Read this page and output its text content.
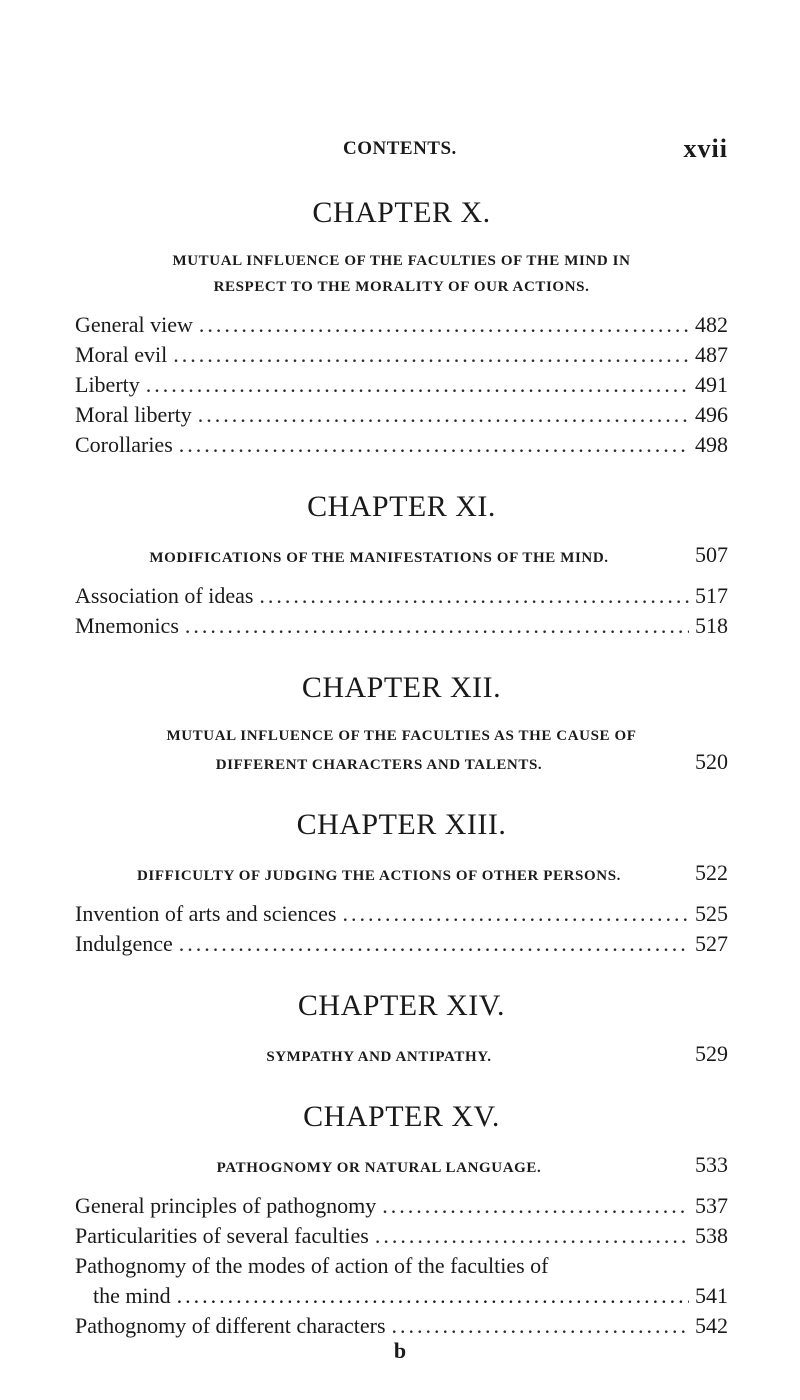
CONTENTS.	xvii
CHAPTER X.
MUTUAL INFLUENCE OF THE FACULTIES OF THE MIND IN
RESPECT TO THE MORALITY OF OUR ACTIONS.
General view .....	482
Moral evil .....	487
Liberty .....	491
Moral liberty .....	496
Corollaries .....	498
CHAPTER XI.
MODIFICATIONS OF THE MANIFESTATIONS OF THE MIND.	507
Association of ideas .....	517
Mnemonics .....	518
CHAPTER XII.
MUTUAL INFLUENCE OF THE FACULTIES AS THE CAUSE OF
DIFFERENT CHARACTERS AND TALENTS.	520
CHAPTER XIII.
DIFFICULTY OF JUDGING THE ACTIONS OF OTHER PERSONS.	522
Invention of arts and sciences .....	525
Indulgence .....	527
CHAPTER XIV.
SYMPATHY AND ANTIPATHY.	529
CHAPTER XV.
PATHOGNOMY OR NATURAL LANGUAGE.	533
General principles of pathognomy .....	537
Particularities of several faculties .....	538
Pathognomy of the modes of action of the faculties of
the mind .....	541
Pathognomy of different characters .....	542
b
